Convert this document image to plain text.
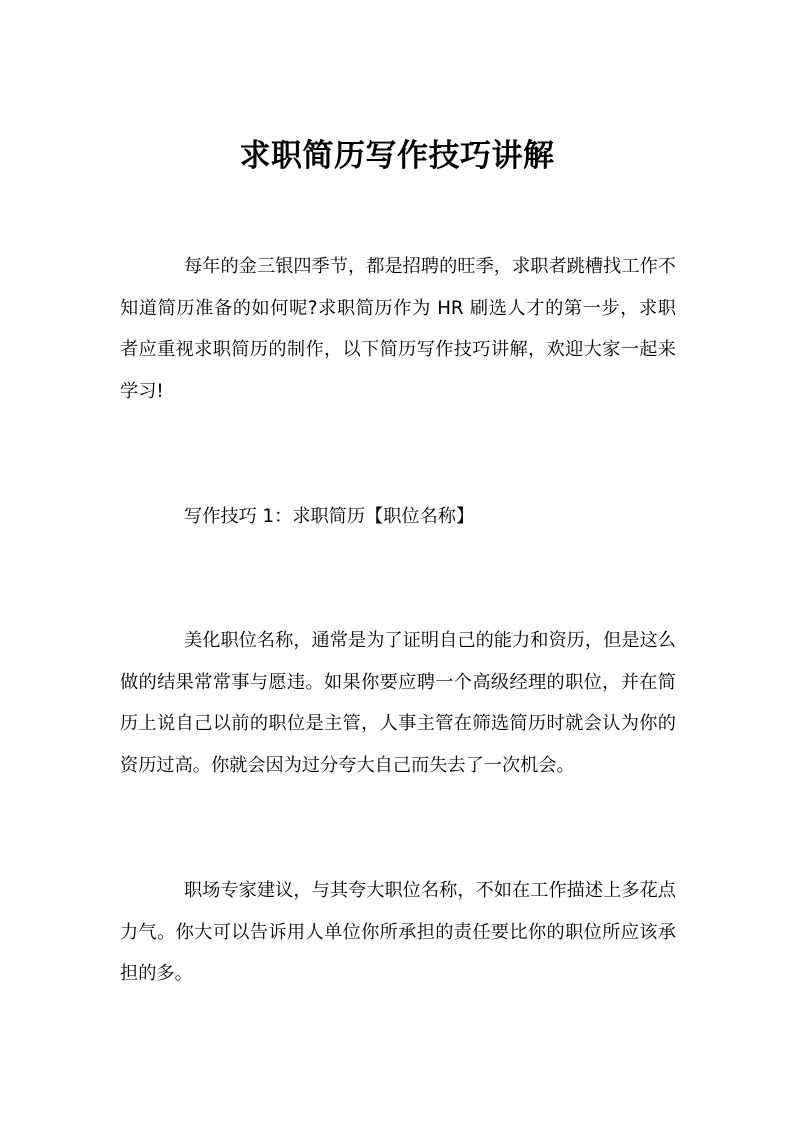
求职简历写作技巧讲解

每年的金三银四季节，都是招聘的旺季，求职者跳槽找工作不知道简历准备的如何呢?求职简历作为 HR 刷选人才的第一步，求职者应重视求职简历的制作，以下简历写作技巧讲解，欢迎大家一起来学习!

写作技巧 1：求职简历【职位名称】

美化职位名称，通常是为了证明自己的能力和资历，但是这么做的结果常常事与愿违。如果你要应聘一个高级经理的职位，并在简历上说自己以前的职位是主管，人事主管在筛选简历时就会认为你的资历过高。你就会因为过分夸大自己而失去了一次机会。

职场专家建议，与其夸大职位名称，不如在工作描述上多花点力气。你大可以告诉用人单位你所承担的责任要比你的职位所应该承担的多。
